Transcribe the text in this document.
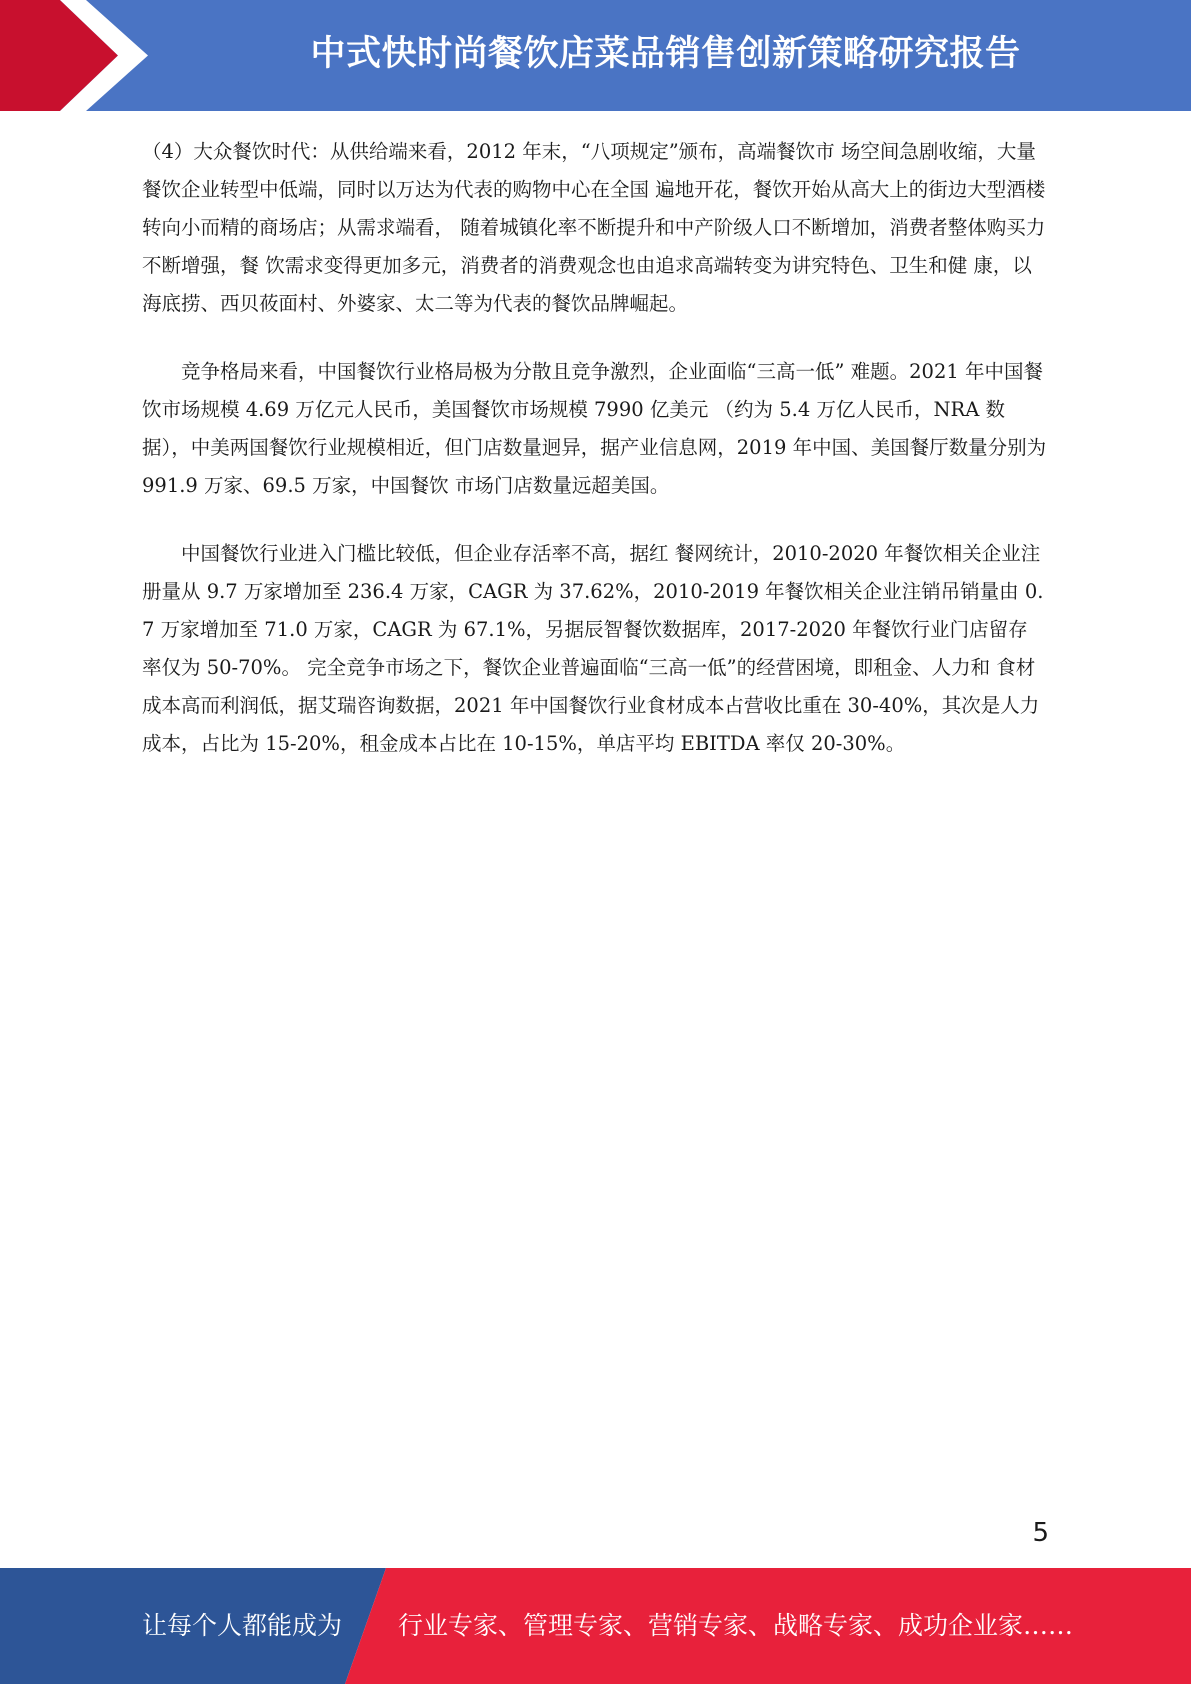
中式快时尚餐饮店菜品销售创新策略研究报告

（4）大众餐饮时代：从供给端来看，2012 年末，“八项规定”颁布，高端餐饮市 场空间急剧收缩，大量餐饮企业转型中低端，同时以万达为代表的购物中心在全国 遍地开花，餐饮开始从高大上的街边大型酒楼转向小而精的商场店；从需求端看， 随着城镇化率不断提升和中产阶级人口不断增加，消费者整体购买力不断增强，餐 饮需求变得更加多元，消费者的消费观念也由追求高端转变为讲究特色、卫生和健 康，以海底捞、西贝莜面村、外婆家、太二等为代表的餐饮品牌崛起。

竞争格局来看，中国餐饮行业格局极为分散且竞争激烈，企业面临“三高一低” 难题。2021 年中国餐饮市场规模 4.69 万亿元人民币，美国餐饮市场规模 7990 亿美元 （约为 5.4 万亿人民币，NRA 数据），中美两国餐饮行业规模相近，但门店数量迥异，据产业信息网，2019 年中国、美国餐厅数量分别为 991.9 万家、69.5 万家，中国餐饮 市场门店数量远超美国。

中国餐饮行业进入门槛比较低，但企业存活率不高，据红 餐网统计，2010-2020 年餐饮相关企业注册量从 9.7 万家增加至 236.4 万家，CAGR 为 37.62%，2010-2019 年餐饮相关企业注销吊销量由 0.7 万家增加至 71.0 万家，CAGR 为 67.1%，另据辰智餐饮数据库，2017-2020 年餐饮行业门店留存率仅为 50-70%。 完全竞争市场之下，餐饮企业普遍面临“三高一低”的经营困境，即租金、人力和 食材成本高而利润低，据艾瑞咨询数据，2021 年中国餐饮行业食材成本占营收比重在 30-40%，其次是人力成本，占比为 15-20%，租金成本占比在 10-15%，单店平均 EBITDA 率仅 20-30%。

5
让每个人都能成为 行业专家、管理专家、营销专家、战略专家、成功企业家……
